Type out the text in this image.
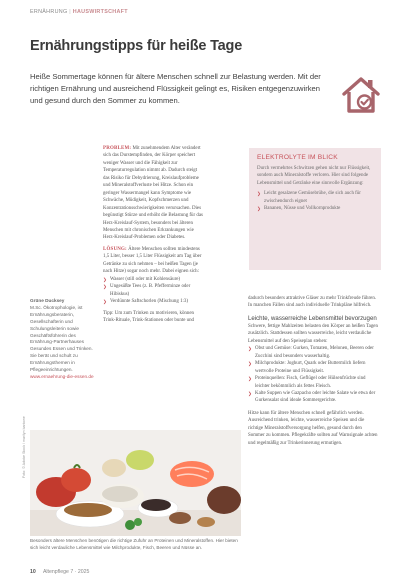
ERNÄHRUNG | HAUSWIRTSCHAFT
Ernährungstipps für heiße Tage

Heiße Sommertage können für ältere Menschen schnell zur Belastung werden. Mit der richtigen Ernährung und ausreichend Flüssigkeit gelingt es, Risiken entgegenzuwirken und gesund durch den Sommer zu kommen.

Grüne Ducksey
M.Sc. Ökotrophologie, ist Ernährungsberaterin, Gesellschafterin und Schulungsleiterin sowie Geschäftsführerin des Ernährung-Partnerhauses Gesundes Essen und Trinken. Sie berät und schult zu Ernährungsthemen in Pflegeeinrichtungen.
www.ernaehrung-die-essen.de

PROBLEM: Mit zunehmendem Alter verändert sich das Durstempfinden, der Körper speichert weniger Wasser und die Fähigkeit zur Temperaturregulation nimmt ab. Dadurch steigt das Risiko für Dehydrierung, Kreislaufprobleme und Mineralstoffverluste bei Hitze. Schon ein geringer Wassermangel kann Symptome wie Schwäche, Müdigkeit, Kopfschmerzen und Konzentrationsschwierigkeiten verursachen. Dies begünstigt Stürze und erhöht die Belastung für das Herz-Kreislauf-System, besonders bei älteren Menschen mit chronischen Erkrankungen wie Herz-Kreislauf-Problemen oder Diabetes.

LÖSUNG: Ältere Menschen sollten mindestens 1,5 Liter, besser 1,5 Liter Flüssigkeit am Tag über Getränke zu sich nehmen – bei heißen Tagen (je nach Hitze) sogar noch mehr. Dabei eignen sich:

❯ Wasser (still oder mit Kohlensäure)
❯ Ungesüßte Tees (z. B. Pfefferminze oder Hibiskus)
❯ Verdünnte Saftschorlen (Mischung 1:3)

Tipp: Um zum Trinken zu motivieren, können Trink-Rituale, Trink-Stationen oder bunte und

ELEKTROLYTE IM BLICK

Durch vermehrtes Schwitzen gehen nicht nur Flüssigkeit, sondern auch Mineralstoffe verloren. Hier sind folgende Lebensmittel und Getränke eine sinnvolle Ergänzung:

❯ Leicht gesalzene Gemüsebrühe, die sich auch für zwischendurch eignet
❯ Bananen, Nüsse und Vollkornprodukte

dadurch besonders attraktive Gläser zu mehr Trinkfreude führen. In manchen Fällen sind auch individuelle Trinkpläne hilfreich.

Leichte, wasserreiche Lebensmittel bevorzugen

Schwere, fettige Mahlzeiten belasten den Körper an heißen Tagen zusätzlich. Stattdessen sollten wasserreiche, leicht verdauliche Lebensmittel auf den Speiseplan stehen:

❯ Obst und Gemüse: Gurken, Tomaten, Melonen, Beeren oder Zucchini sind besonders wasserhaltig.
❯ Milchprodukte: Joghurt, Quark oder Buttermilch liefern wertvolle Proteine und Flüssigkeit.
❯ Proteinquellen: Fisch, Geflügel oder Hülsenfrüchte sind leichter bekömmlich als fettes Fleisch.
❯ Kalte Suppen wie Gazpacho oder leichte Salate wie etwa der Gurkensalat sind ideale Sommergerichte.

Hitze kann für ältere Menschen schnell gefährlich werden. Ausreichend trinken, leichte, wasserreiche Speisen und die richtige Mineralstoffversorgung helfen, gesund durch den Sommer zu kommen. Pflegekräfte sollten auf Warnsignale achten und regelmäßig zur Trinkerinnerung ermutigen.

Foto: © Adobe Stock / marilyn barbone
Besonders ältere Menschen benötigen die richtige Zufuhr an Proteinen und Mineralstoffen. Hier bieten sich leicht verdauliche Lebensmittel wie Milchprodukte, Fisch, Beeren und Nüsse an.
10 Altenpflege 7 · 2025
